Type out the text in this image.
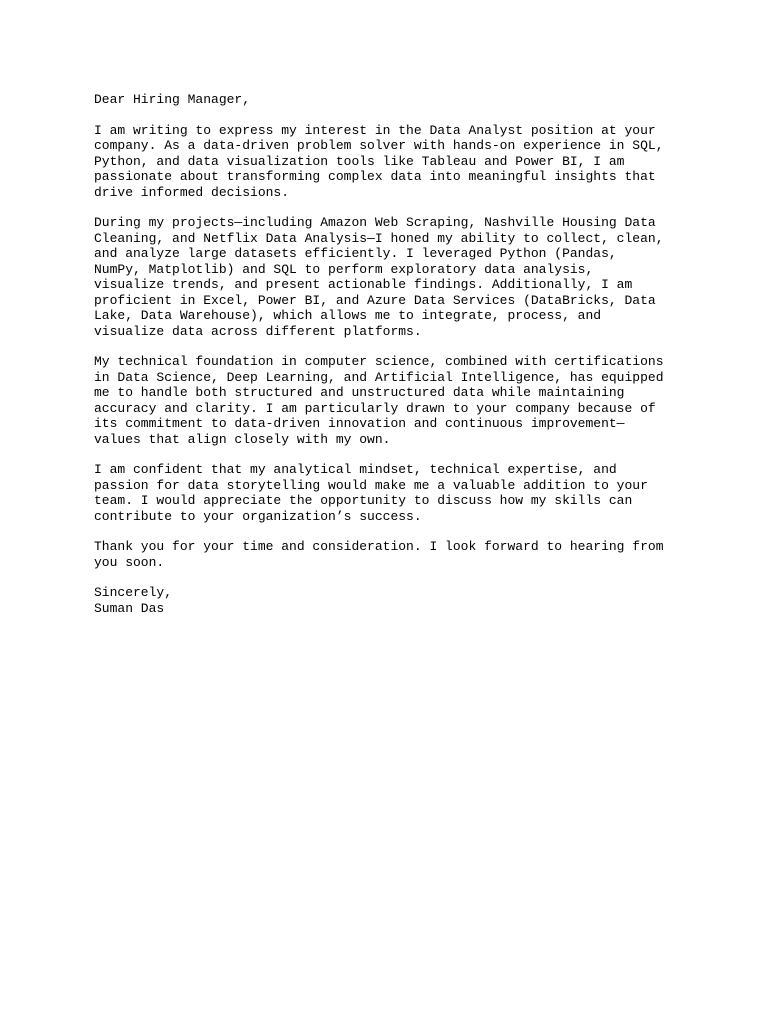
Dear Hiring Manager,
I am writing to express my interest in the Data Analyst position at your
company. As a data-driven problem solver with hands-on experience in SQL,
Python, and data visualization tools like Tableau and Power BI, I am
passionate about transforming complex data into meaningful insights that
drive informed decisions.
During my projects—including Amazon Web Scraping, Nashville Housing Data
Cleaning, and Netflix Data Analysis—I honed my ability to collect, clean,
and analyze large datasets efficiently. I leveraged Python (Pandas,
NumPy, Matplotlib) and SQL to perform exploratory data analysis,
visualize trends, and present actionable findings. Additionally, I am
proficient in Excel, Power BI, and Azure Data Services (DataBricks, Data
Lake, Data Warehouse), which allows me to integrate, process, and
visualize data across different platforms.
My technical foundation in computer science, combined with certifications
in Data Science, Deep Learning, and Artificial Intelligence, has equipped
me to handle both structured and unstructured data while maintaining
accuracy and clarity. I am particularly drawn to your company because of
its commitment to data-driven innovation and continuous improvement—
values that align closely with my own.
I am confident that my analytical mindset, technical expertise, and
passion for data storytelling would make me a valuable addition to your
team. I would appreciate the opportunity to discuss how my skills can
contribute to your organization’s success.
Thank you for your time and consideration. I look forward to hearing from
you soon.
Sincerely,
Suman Das
